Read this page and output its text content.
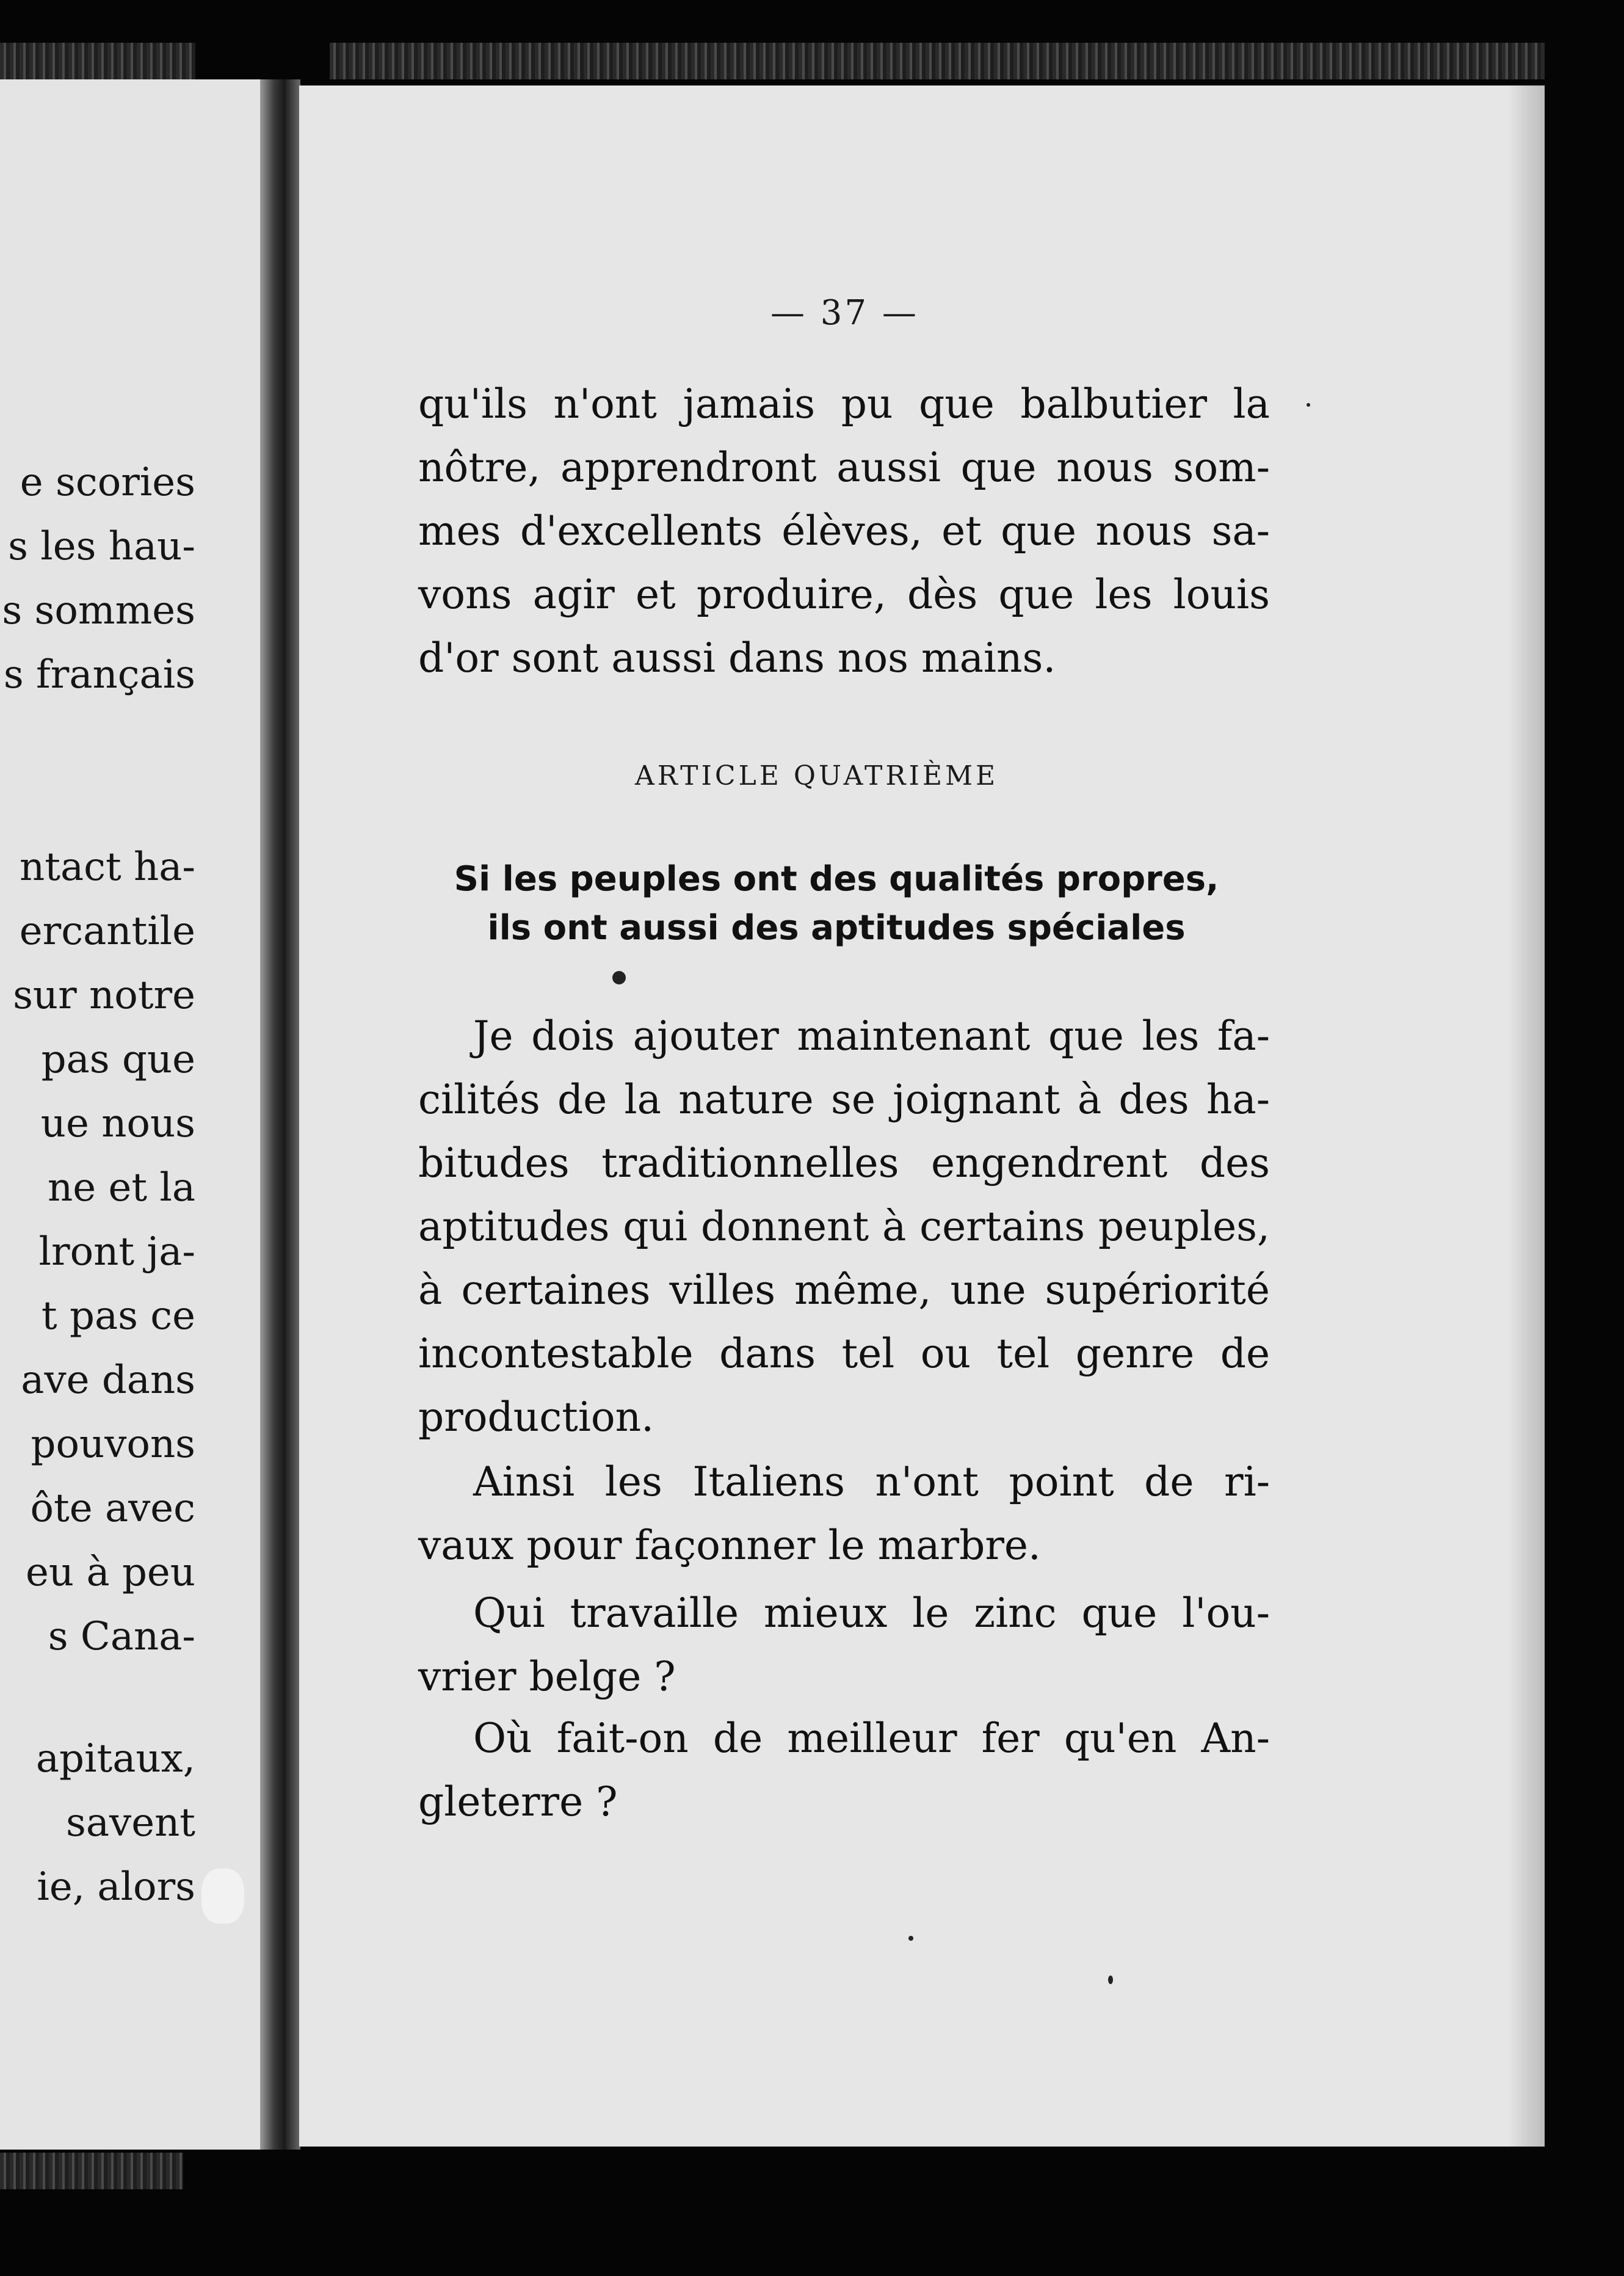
e scories
s les hau-
s sommes
s français
ntact ha-
ercantile
sur notre
pas que
ue nous
ne et la
lront ja-
t pas ce
ave dans
pouvons
ôte avec
eu à peu
s Cana-
apitaux,
savent
ie, alors
— 37 —
qu'ils n'ont jamais pu que balbutier la
nôtre, apprendront aussi que nous som-
mes d'excellents élèves, et que nous sa-
vons agir et produire, dès que les louis
d'or sont aussi dans nos mains.
ARTICLE QUATRIÈME
Si les peuples ont des qualités propres,
ils ont aussi des aptitudes spéciales
Je dois ajouter maintenant que les fa-
cilités de la nature se joignant à des ha-
bitudes traditionnelles engendrent des
aptitudes qui donnent à certains peuples,
à certaines villes même, une supériorité
incontestable dans tel ou tel genre de
production.
Ainsi les Italiens n'ont point de ri-
vaux pour façonner le marbre.
Qui travaille mieux le zinc que l'ou-
vrier belge ?
Où fait-on de meilleur fer qu'en An-
gleterre ?
